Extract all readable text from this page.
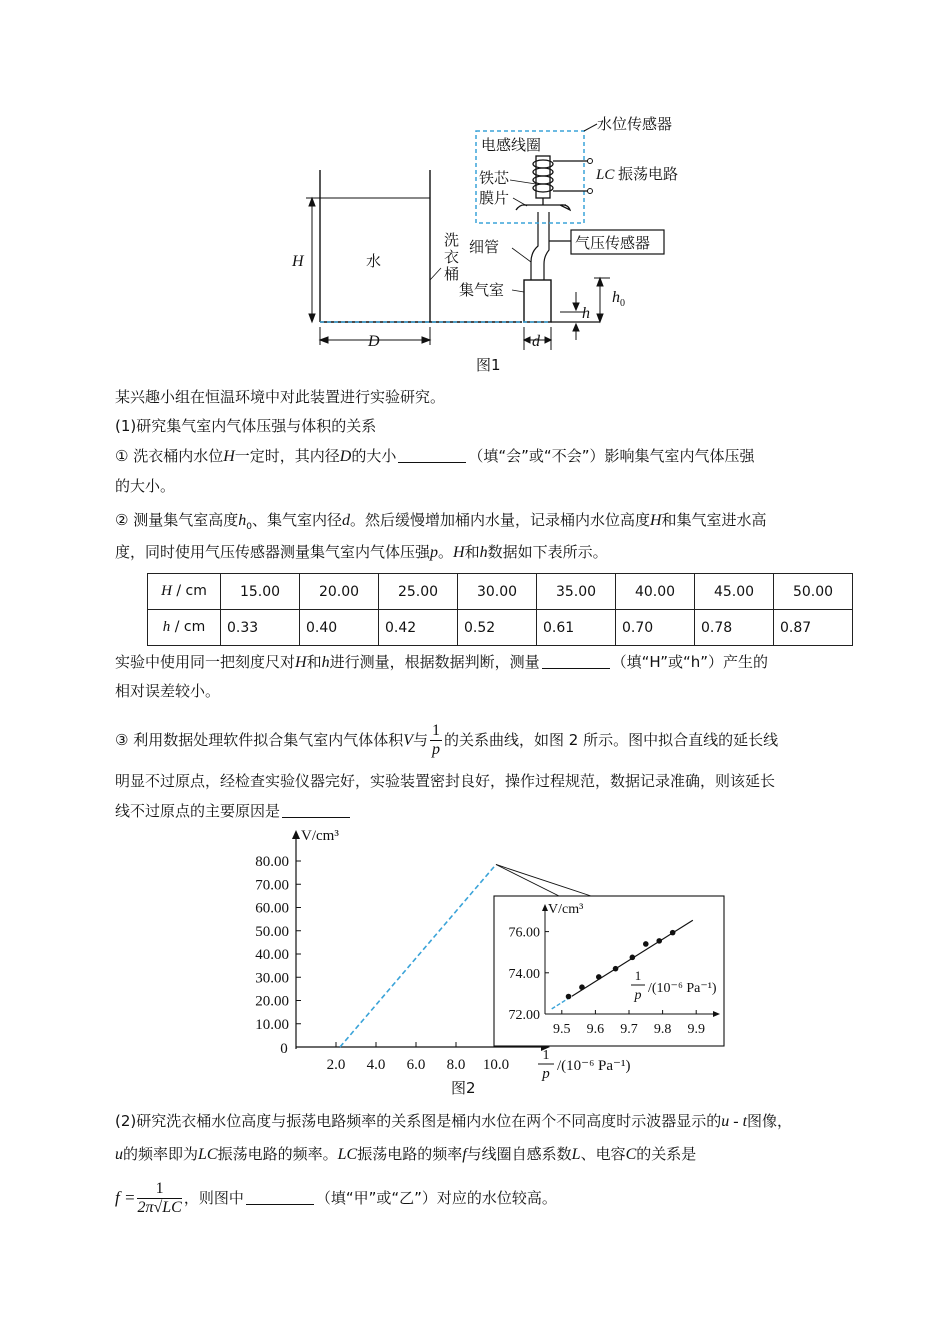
水位传感器
电感线圈
LC 振荡电路
铁芯
膜片
细管	气压传感器
集气室
水
洗
衣
桶
H
D	d
h
$h_0$
图1
某兴趣小组在恒温环境中对此装置进行实验研究。
(1)研究集气室内气体压强与体积的关系
① 洗衣桶内水位H一定时，其内径D的大小	（填“会”或“不会”）影响集气室内气体压强
的大小。
② 测量集气室高度$h_0$、集气室内径d。然后缓慢增加桶内水量，记录桶内水位高度H和集气室进水高
度，同时使用气压传感器测量集气室内气体压强p。H和h数据如下表所示。
H / cm	15.00	20.00	25.00	30.00	35.00	40.00	45.00	50.00
h / cm	0.33	0.40	0.42	0.52	0.61	0.70	0.78	0.87
实验中使用同一把刻度尺对H和h进行测量，根据数据判断，测量	（填“H”或“h”）产生的
相对误差较小。
③ 利用数据处理软件拟合集气室内气体体积V与 $\frac{1}{p}$ 的关系曲线，如图 2 所示。图中拟合直线的延长线
明显不过原点，经检查实验仪器完好，实验装置密封良好，操作过程规范，数据记录准确，则该延长
线不过原点的主要原因是
10.00
20.00
30.00
40.00
50.00
60.00
70.00
80.00
2.0 4.0 6.0 8.0 10.0
0
V/cm³
1
p /(10⁻⁶ Pa⁻¹)
72.00
74.00
76.00
9.5 9.6 9.7 9.8 9.9
V/cm³
1
p /(10⁻⁶ Pa⁻¹)
图2
(2)研究洗衣桶水位高度与振荡电路频率的关系图是桶内水位在两个不同高度时示波器显示的u - t图像，
u的频率即为LC振荡电路的频率。LC振荡电路的频率f与线圈自感系数L、电容C的关系是
$f = \frac{1}{2\pi√LC}$ ，则图中	（填“甲”或“乙”）对应的水位较高。
